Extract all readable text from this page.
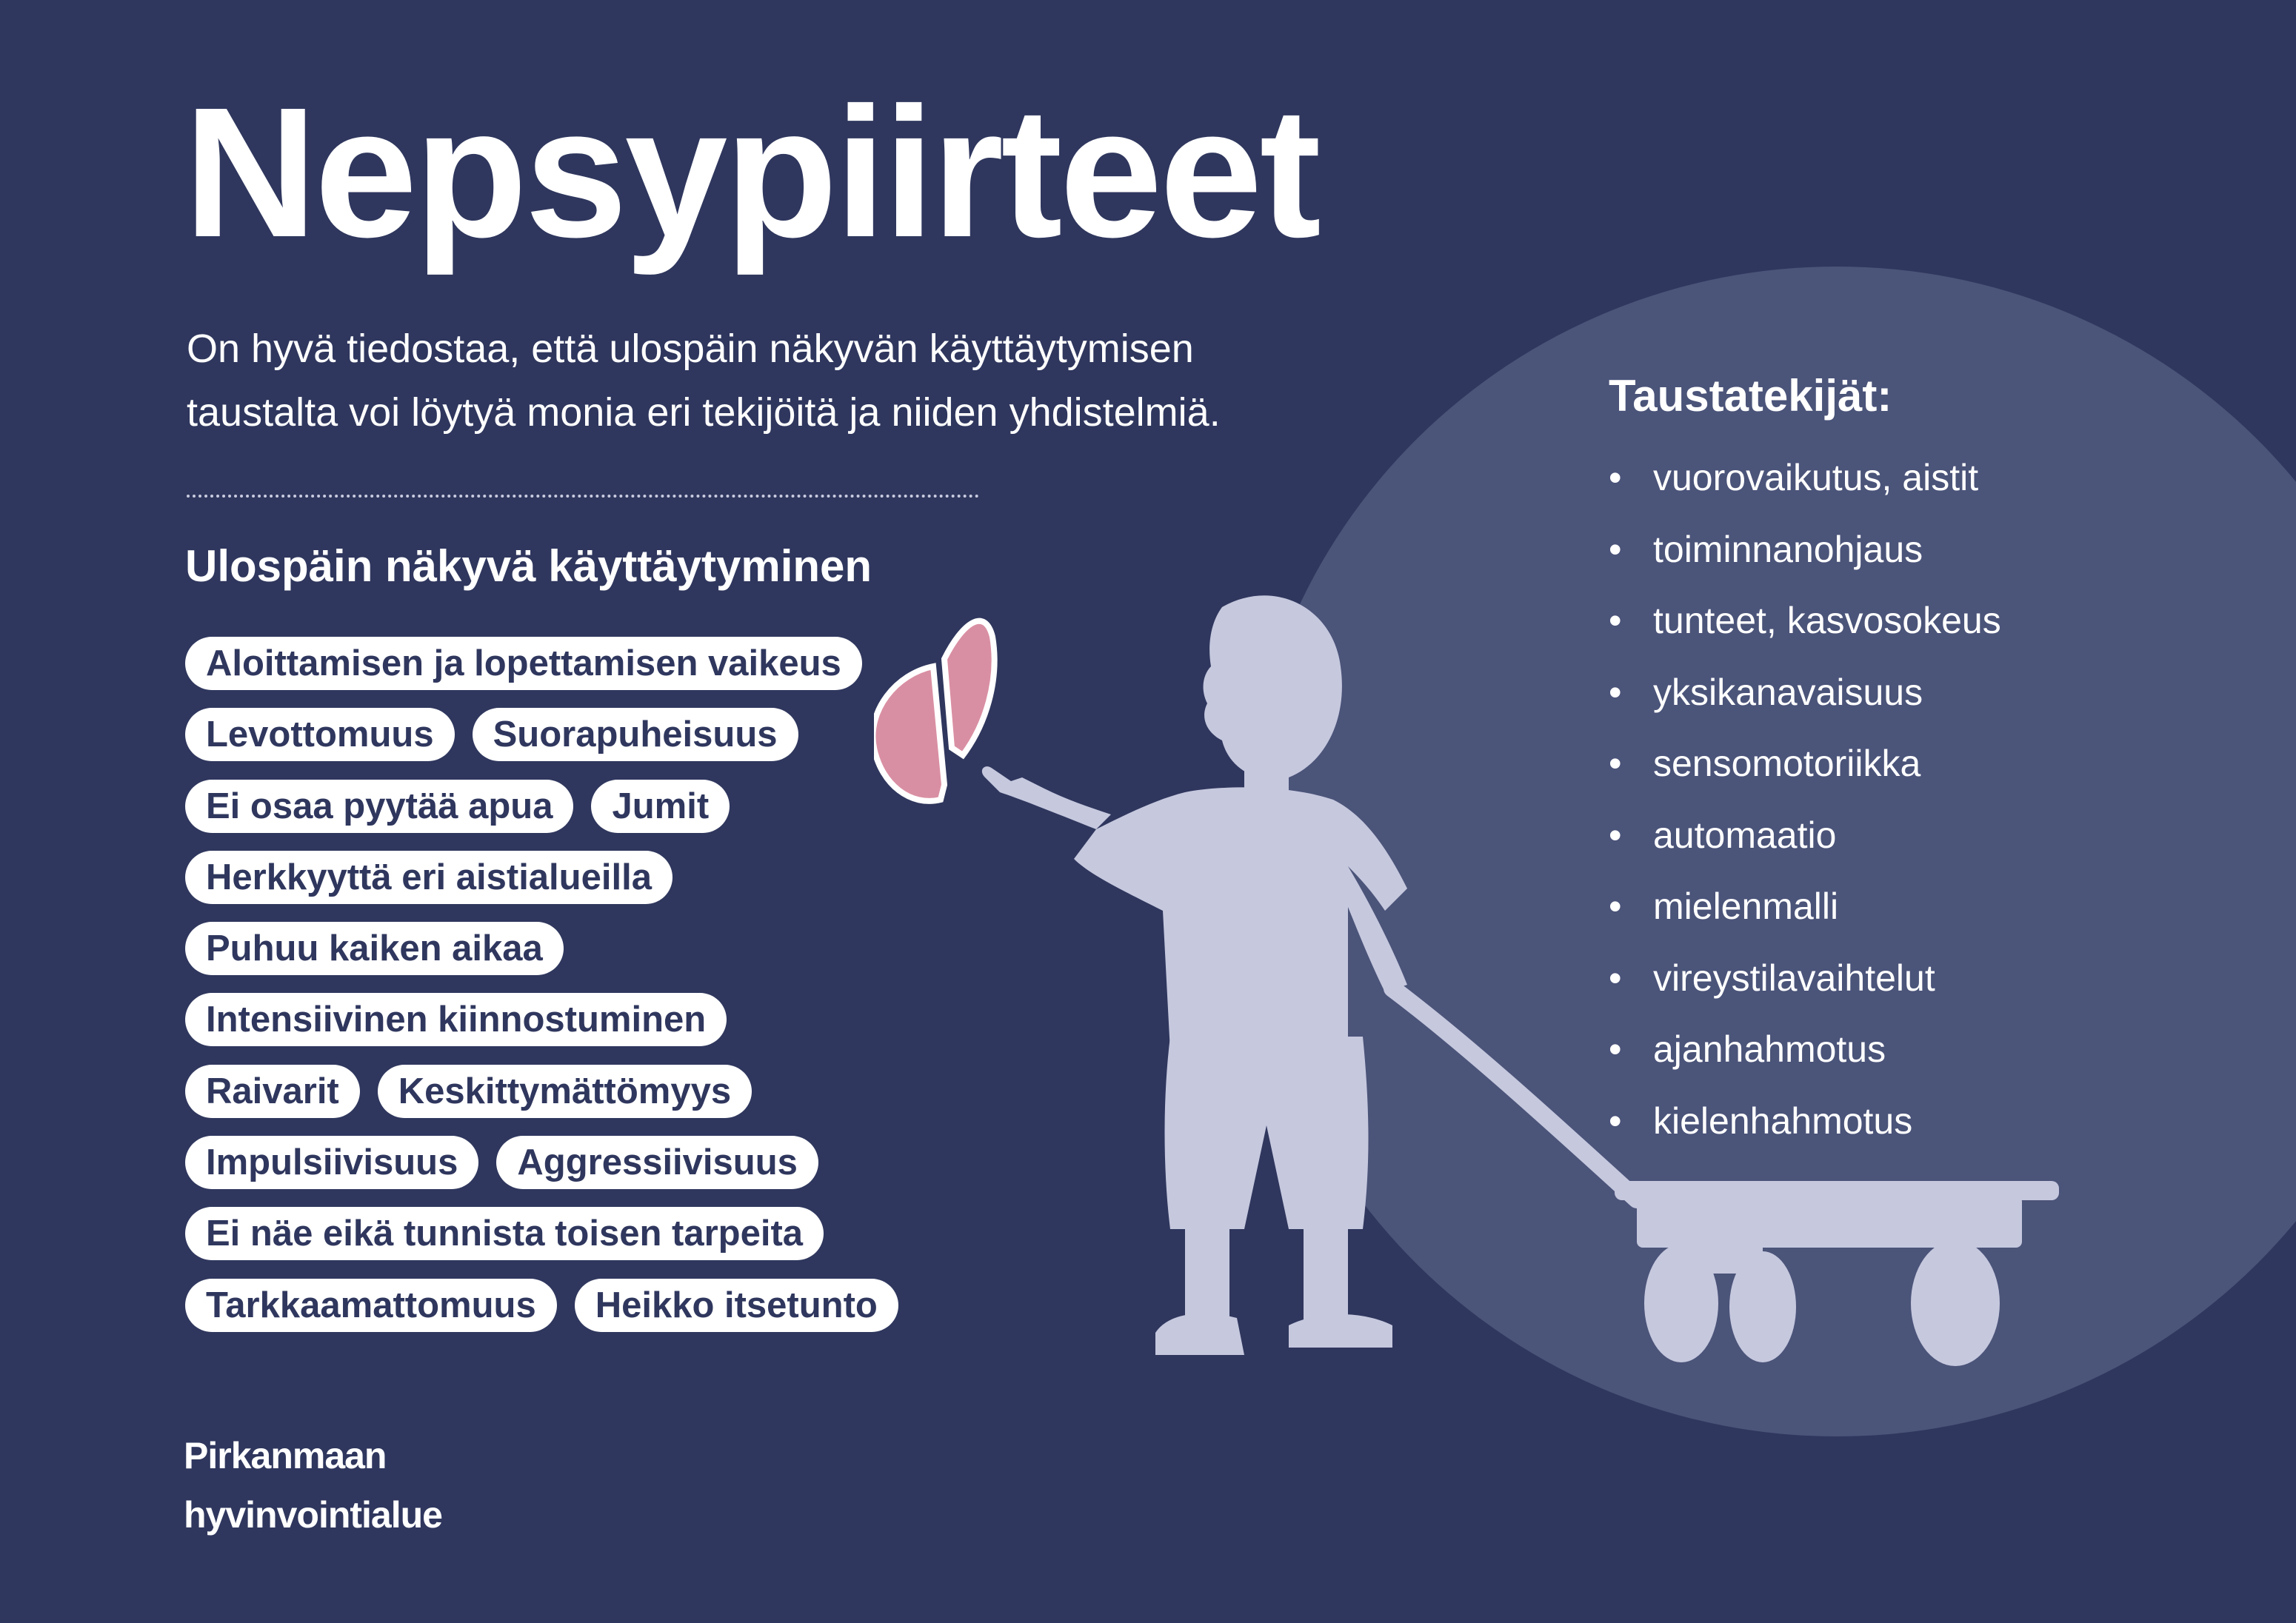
Nepsypiirteet

On hyvä tiedostaa, että ulospäin näkyvän käyttäytymisen
taustalta voi löytyä monia eri tekijöitä ja niiden yhdistelmiä.

Ulospäin näkyvä käyttäytyminen
Aloittamisen ja lopettamisen vaikeus
Levottomuus	Suorapuheisuus
Ei osaa pyytää apua	Jumit
Herkkyyttä eri aistialueilla
Puhuu kaiken aikaa
Intensiivinen kiinnostuminen
Raivarit	Keskittymättömyys
Impulsiivisuus	Aggressiivisuus
Ei näe eikä tunnista toisen tarpeita
Tarkkaamattomuus	Heikko itsetunto
Taustatekijät:
• vuorovaikutus, aistit
• toiminnanohjaus
• tunteet, kasvosokeus
• yksikanavaisuus
• sensomotoriikka
• automaatio
• mielenmalli
• vireystilavaihtelut
• ajanhahmotus
• kielenhahmotus
Pirkanmaan
hyvinvointialue
